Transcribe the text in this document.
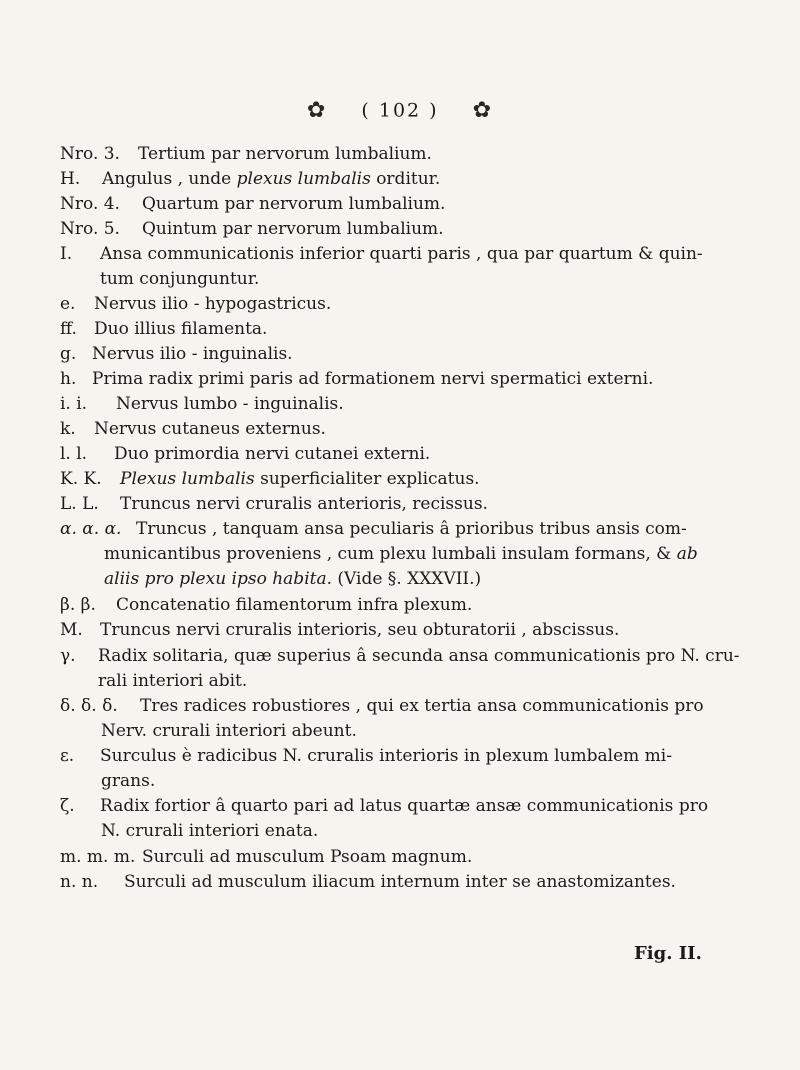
✿ ( 102 ) ✿
Nro. 3. Tertium par nervorum lumbalium.
H. Angulus , unde plexus lumbalis orditur.
Nro. 4. Quartum par nervorum lumbalium.
Nro. 5. Quintum par nervorum lumbalium.
I. Ansa communicationis inferior quarti paris , qua par quartum & quin-
tum conjunguntur.
e. Nervus ilio - hypogastricus.
ff. Duo illius filamenta.
g. Nervus ilio - inguinalis.
h. Prima radix primi paris ad formationem nervi spermatici externi.
i. i. Nervus lumbo - inguinalis.
k. Nervus cutaneus externus.
l. l. Duo primordia nervi cutanei externi.
K. K. Plexus lumbalis superficialiter explicatus.
L. L. Truncus nervi cruralis anterioris, recissus.
α. α. α. Truncus , tanquam ansa peculiaris â prioribus tribus ansis com-
municantibus proveniens , cum plexu lumbali insulam formans, & ab
aliis pro plexu ipso habita. (Vide §. XXXVII.)
β. β. Concatenatio filamentorum infra plexum.
M. Truncus nervi cruralis interioris, seu obturatorii , abscissus.
γ. Radix solitaria, quæ superius â secunda ansa communicationis pro N. cru-
rali interiori abit.
δ. δ. δ. Tres radices robustiores , qui ex tertia ansa communicationis pro
Nerv. crurali interiori abeunt.
ε. Surculus è radicibus N. cruralis interioris in plexum lumbalem mi-
grans.
ζ. Radix fortior â quarto pari ad latus quartæ ansæ communicationis pro
N. crurali interiori enata.
m. m. m. Surculi ad musculum Psoam magnum.
n. n. Surculi ad musculum iliacum internum inter se anastomizantes.
Fig. II.
